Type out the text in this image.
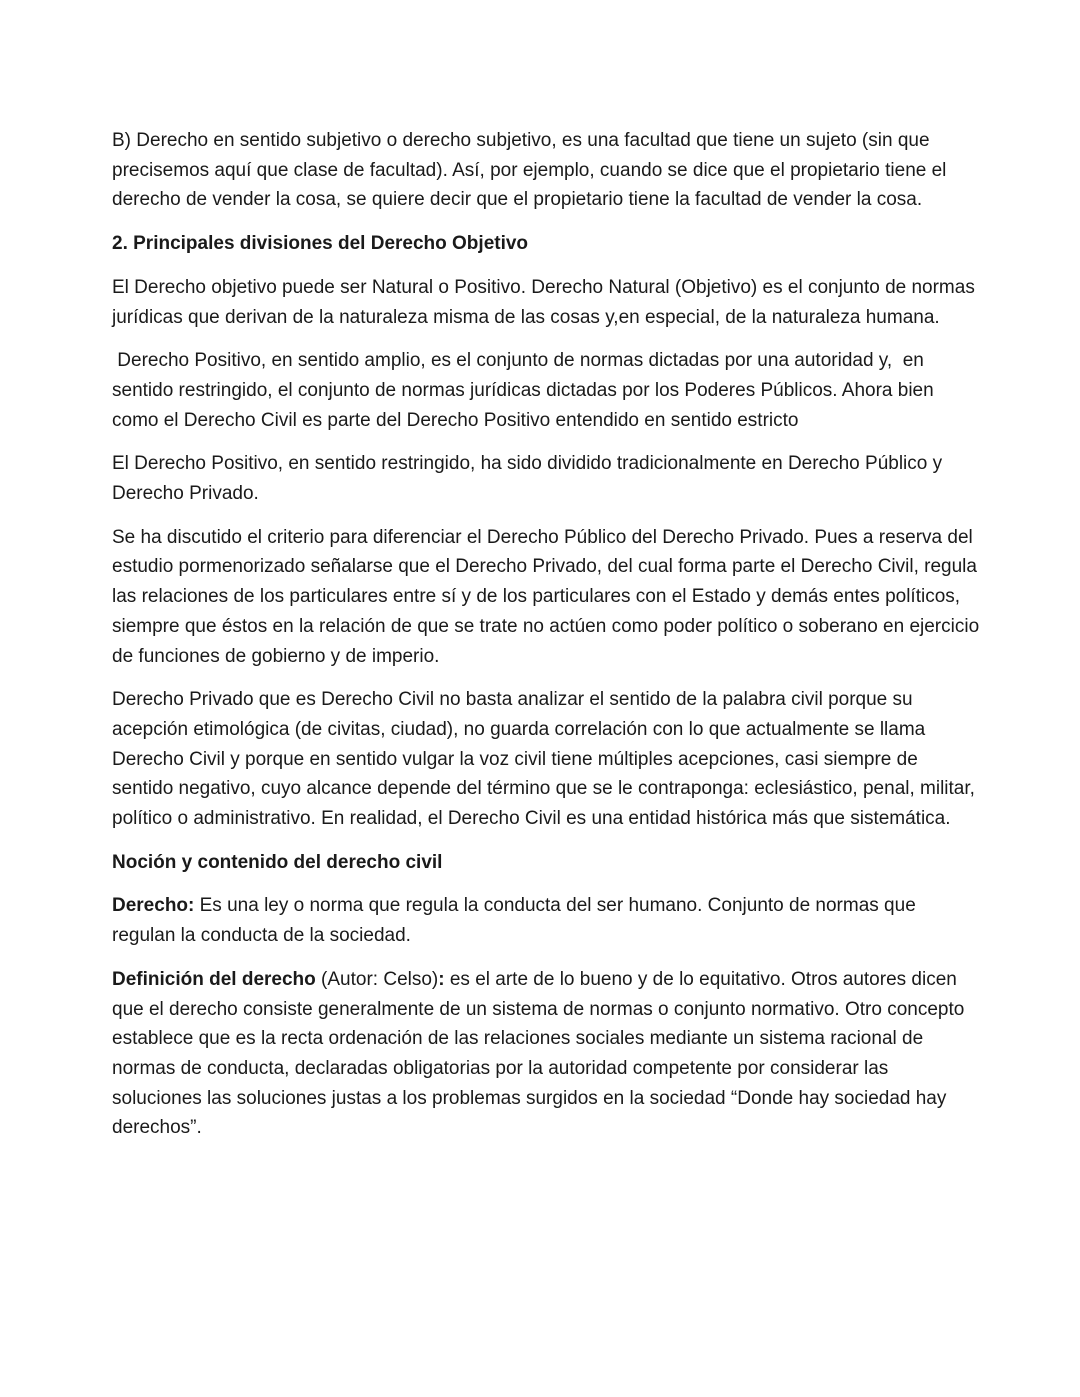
B) Derecho en sentido subjetivo o derecho subjetivo, es una facultad que tiene un sujeto (sin que precisemos aquí que clase de facultad). Así, por ejemplo, cuando se dice que el propietario tiene el derecho de vender la cosa, se quiere decir que el propietario tiene la facultad de vender la cosa.

2. Principales divisiones del Derecho Objetivo

El Derecho objetivo puede ser Natural o Positivo. Derecho Natural (Objetivo) es el conjunto de normas jurídicas que derivan de la naturaleza misma de las cosas y,en especial, de la naturaleza humana.

Derecho Positivo, en sentido amplio, es el conjunto de normas dictadas por una autoridad y,  en sentido restringido, el conjunto de normas jurídicas dictadas por los Poderes Públicos. Ahora bien como el Derecho Civil es parte del Derecho Positivo entendido en sentido estricto

El Derecho Positivo, en sentido restringido, ha sido dividido tradicionalmente en Derecho Público y Derecho Privado.

Se ha discutido el criterio para diferenciar el Derecho Público del Derecho Privado. Pues a reserva del estudio pormenorizado señalarse que el Derecho Privado, del cual forma parte el Derecho Civil, regula las relaciones de los particulares entre sí y de los particulares con el Estado y demás entes políticos, siempre que éstos en la relación de que se trate no actúen como poder político o soberano en ejercicio de funciones de gobierno y de imperio.

Derecho Privado que es Derecho Civil no basta analizar el sentido de la palabra civil porque su acepción etimológica (de civitas, ciudad), no guarda correlación con lo que actualmente se llama Derecho Civil y porque en sentido vulgar la voz civil tiene múltiples acepciones, casi siempre de sentido negativo, cuyo alcance depende del término que se le contraponga: eclesiástico, penal, militar, político o administrativo. En realidad, el Derecho Civil es una entidad histórica más que sistemática.

Noción y contenido del derecho civil

Derecho: Es una ley o norma que regula la conducta del ser humano. Conjunto de normas que regulan la conducta de la sociedad.

Definición del derecho (Autor: Celso): es el arte de lo bueno y de lo equitativo. Otros autores dicen que el derecho consiste generalmente de un sistema de normas o conjunto normativo. Otro concepto establece que es la recta ordenación de las relaciones sociales mediante un sistema racional de normas de conducta, declaradas obligatorias por la autoridad competente por considerar las soluciones las soluciones justas a los problemas surgidos en la sociedad “Donde hay sociedad hay derechos”.
